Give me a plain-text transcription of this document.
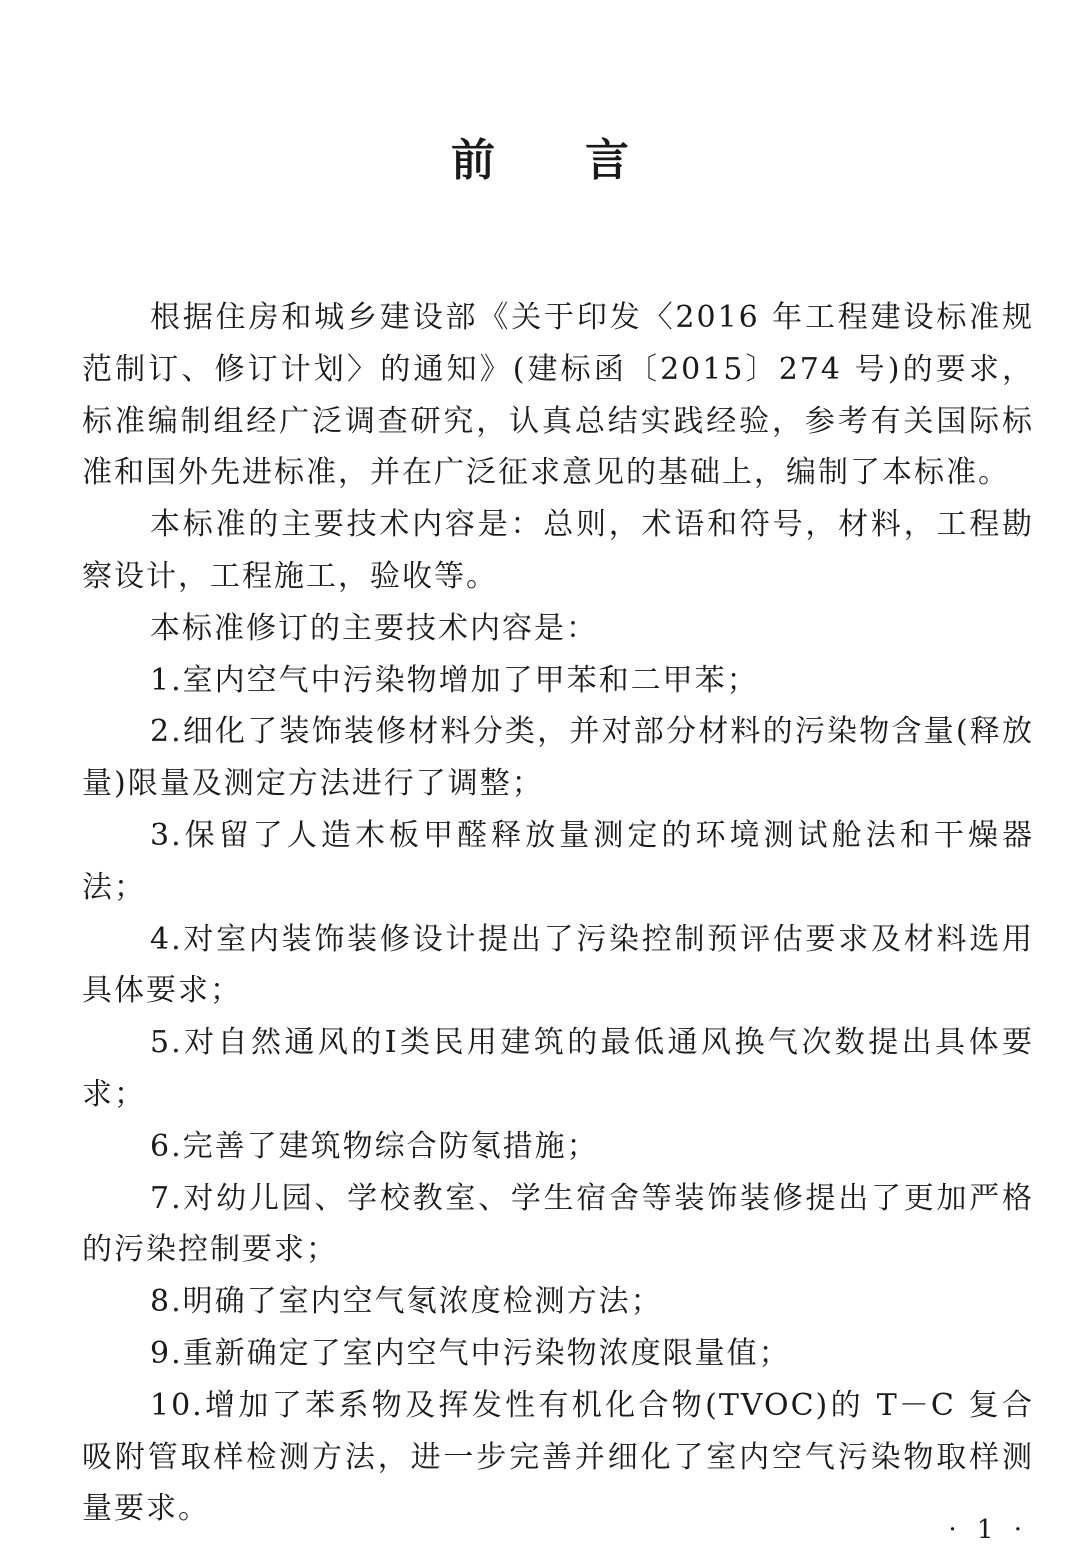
前言

根据住房和城乡建设部《关于印发〈2016 年工程建设标准规范制订、修订计划〉的通知》(建标函〔2015〕274 号)的要求，标准编制组经广泛调查研究，认真总结实践经验，参考有关国际标准和国外先进标准，并在广泛征求意见的基础上，编制了本标准。

本标准的主要技术内容是：总则，术语和符号，材料，工程勘察设计，工程施工，验收等。

本标准修订的主要技术内容是：

1.室内空气中污染物增加了甲苯和二甲苯；

2.细化了装饰装修材料分类，并对部分材料的污染物含量(释放量)限量及测定方法进行了调整；

3.保留了人造木板甲醛释放量测定的环境测试舱法和干燥器法；

4.对室内装饰装修设计提出了污染控制预评估要求及材料选用具体要求；

5.对自然通风的Ⅰ类民用建筑的最低通风换气次数提出具体要求；

6.完善了建筑物综合防氡措施；

7.对幼儿园、学校教室、学生宿舍等装饰装修提出了更加严格的污染控制要求；

8.明确了室内空气氡浓度检测方法；

9.重新确定了室内空气中污染物浓度限量值；

10.增加了苯系物及挥发性有机化合物(TVOC)的 T－C 复合吸附管取样检测方法，进一步完善并细化了室内空气污染物取样测量要求。

· 1 ·
